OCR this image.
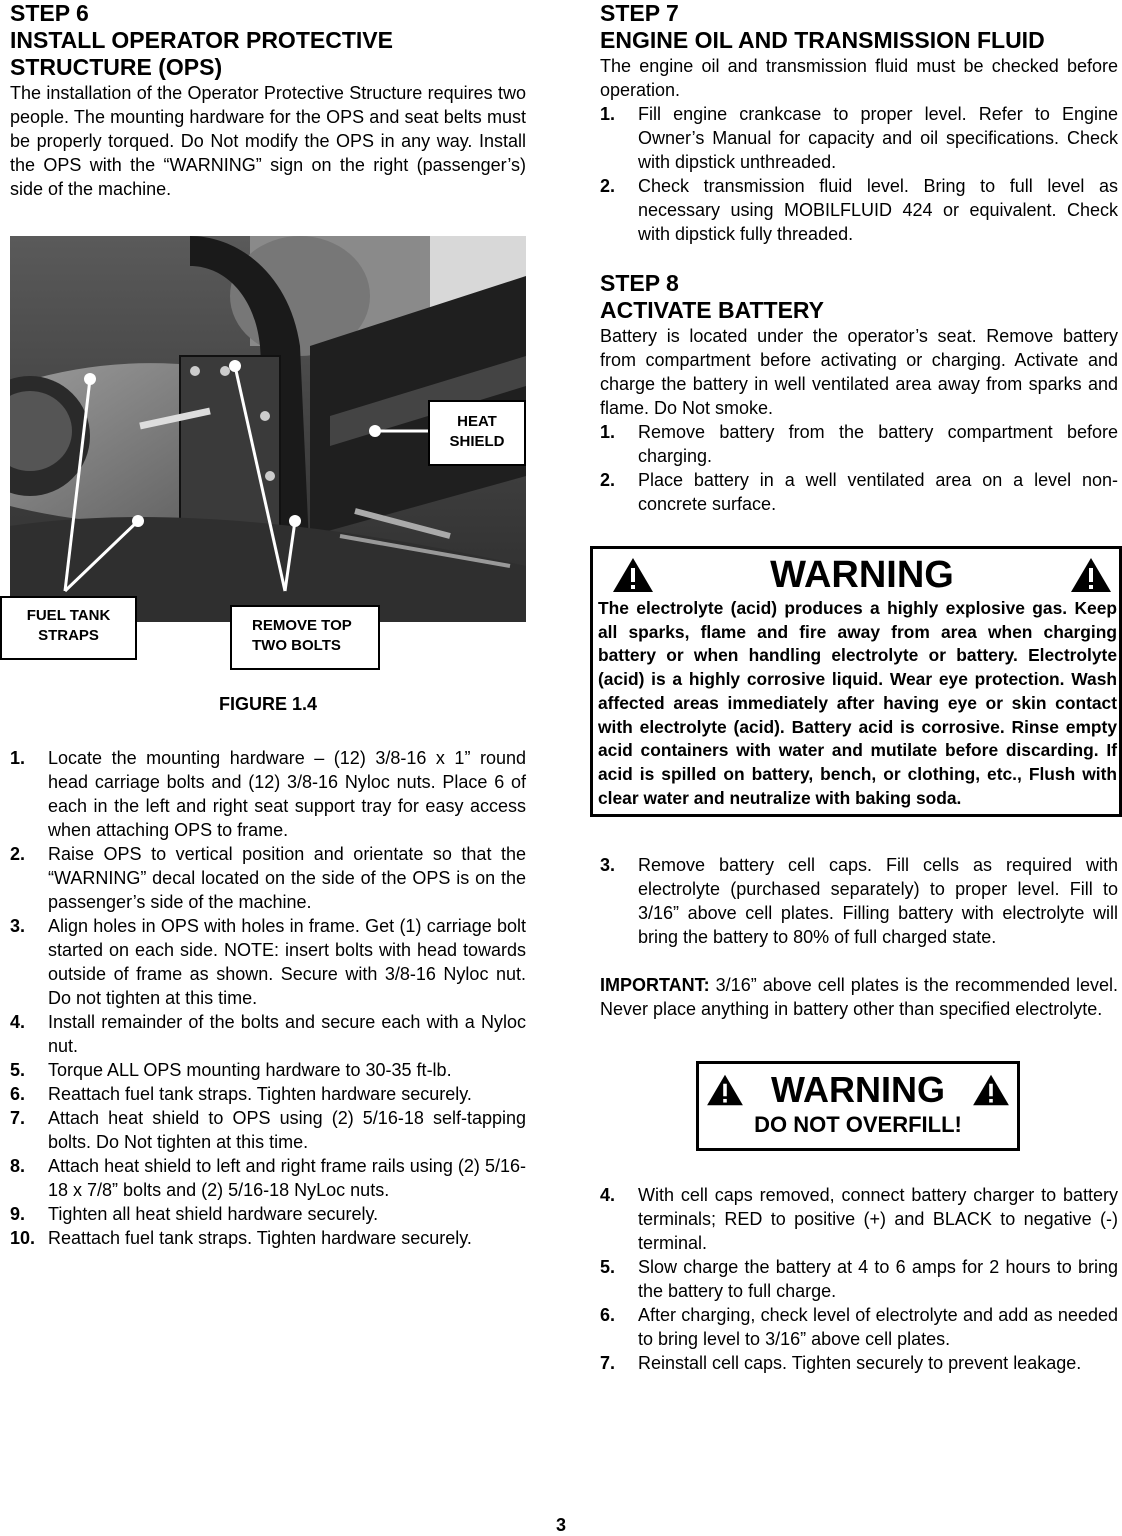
STEP 6
INSTALL OPERATOR PROTECTIVE
STRUCTURE (OPS)

The installation of the Operator Protective Structure requires two people. The mounting hardware for the OPS and seat belts must be properly torqued. Do Not modify the OPS in any way. Install the OPS with the “WARNING” sign on the right (passenger’s) side of the machine.

HEAT
SHIELD
FUEL TANK
STRAPS
REMOVE TOP
TWO BOLTS
FIGURE 1.4
1. Locate the mounting hardware – (12) 3/8-16 x 1” round head carriage bolts and (12) 3/8-16 Nyloc nuts. Place 6 of each in the left and right seat support tray for easy access when attaching OPS to frame.
2. Raise OPS to vertical position and orientate so that the “WARNING” decal located on the side of the OPS is on the passenger’s side of the machine.
3. Align holes in OPS with holes in frame. Get (1) carriage bolt started on each side. NOTE: insert bolts with head towards outside of frame as shown. Secure with 3/8-16 Nyloc nut. Do not tighten at this time.
4. Install remainder of the bolts and secure each with a Nyloc nut.
5. Torque ALL OPS mounting hardware to 30-35 ft-lb.
6. Reattach fuel tank straps. Tighten hardware securely.
7. Attach heat shield to OPS using (2) 5/16-18 self-tapping bolts. Do Not tighten at this time.
8. Attach heat shield to left and right frame rails using (2) 5/16-18 x 7/8” bolts and (2) 5/16-18 NyLoc nuts.
9. Tighten all heat shield hardware securely.
10. Reattach fuel tank straps. Tighten hardware securely.
STEP 7
ENGINE OIL AND TRANSMISSION FLUID

The engine oil and transmission fluid must be checked before operation.

1. Fill engine crankcase to proper level. Refer to Engine Owner’s Manual for capacity and oil specifications. Check with dipstick unthreaded.
2. Check transmission fluid level. Bring to full level as necessary using MOBILFLUID 424 or equivalent. Check with dipstick fully threaded.
STEP 8
ACTIVATE BATTERY

Battery is located under the operator’s seat. Remove battery from compartment before activating or charging. Activate and charge the battery in well ventilated area away from sparks and flame. Do Not smoke.

1. Remove battery from the battery compartment before charging.
2. Place battery in a well ventilated area on a level non-concrete surface.
WARNING
The electrolyte (acid) produces a highly explosive gas. Keep all sparks, flame and fire away from area when charging battery or when handling electrolyte or battery. Electrolyte (acid) is a highly corrosive liquid. Wear eye protection. Wash affected areas immediately after having eye or skin contact with electrolyte (acid). Battery acid is corrosive. Rinse empty acid containers with water and mutilate before discarding. If acid is spilled on battery, bench, or clothing, etc., Flush with clear water and neutralize with baking soda.
3. Remove battery cell caps. Fill cells as required with electrolyte (purchased separately) to proper level. Fill to 3/16” above cell plates. Filling battery with electrolyte will bring the battery to 80% of full charged state.

IMPORTANT: 3/16” above cell plates is the recommended level. Never place anything in battery other than specified electrolyte.

WARNING
DO NOT OVERFILL!
4. With cell caps removed, connect battery charger to battery terminals; RED to positive (+) and BLACK to negative (-) terminal.
5. Slow charge the battery at 4 to 6 amps for 2 hours to bring the battery to full charge.
6. After charging, check level of electrolyte and add as needed to bring level to 3/16” above cell plates.
7. Reinstall cell caps. Tighten securely to prevent leakage.
3
